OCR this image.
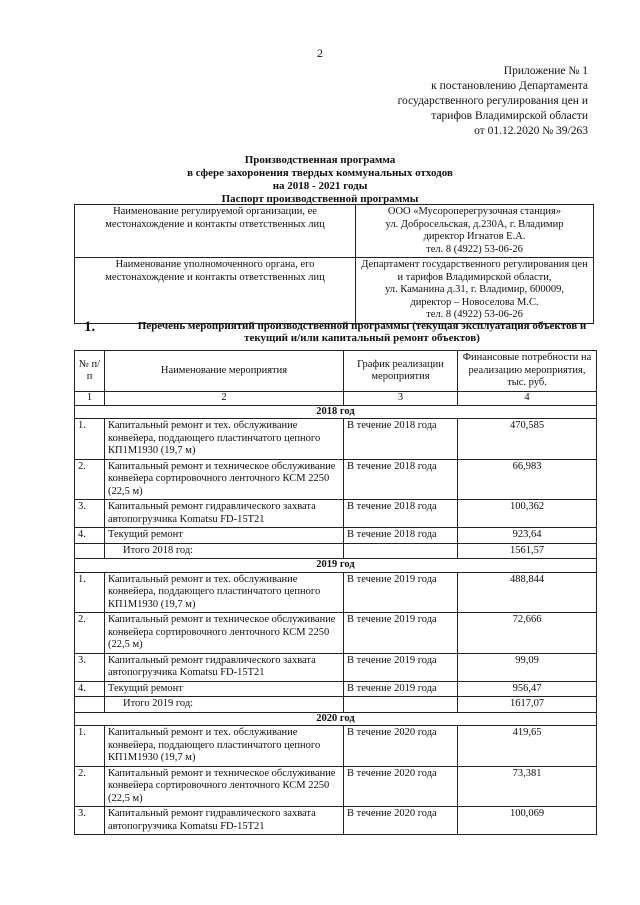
2
Приложение № 1
к постановлению Департамента
государственного регулирования цен и
тарифов Владимирской области
от 01.12.2020 № 39/263
Производственная программа
в сфере захоронения твердых коммунальных отходов
на 2018 - 2021 годы
Паспорт производственной программы
Наименование регулируемой организации, ее местонахождение и контакты ответственных лиц	ООО «Мусороперегрузочная станция»
ул. Добросельская, д.230А, г. Владимир
директор Игнатов Е.А.
тел. 8 (4922) 53-06-26

Наименование уполномоченного органа, его местонахождение и контакты ответственных лиц	Департамент государственного регулирования цен и тарифов Владимирской области,
ул. Каманина д.31, г. Владимир, 600009,
директор – Новоселова М.С.
тел. 8 (4922) 53-06-26
1.	Перечень мероприятий производственной программы (текущая эксплуатация объектов и текущий и/или капитальный ремонт объектов)
№ п/п	Наименование мероприятия	График реализации мероприятия	Финансовые потребности на реализацию мероприятия, тыс. руб.
1	2	3	4
2018 год			
1.	Капитальный ремонт и тех. обслуживание конвейера, поддающего пластинчатого цепного КП1М1930 (19,7 м)	В течение 2018 года	470,585
2.	Капитальный ремонт и техническое обслуживание конвейера сортировочного ленточного КСМ 2250 (22,5 м)	В течение 2018 года	66,983
3.	Капитальный ремонт гидравлического захвата автопогрузчика Komatsu FD-15T21	В течение 2018 года	100,362
4.	Текущий ремонт	В течение 2018 года	923,64
	Итого 2018 год:		1561,57
2019 год			
1.	Капитальный ремонт и тех. обслуживание конвейера, поддающего пластинчатого цепного КП1М1930 (19,7 м)	В течение 2019 года	488,844
2.	Капитальный ремонт и техническое обслуживание конвейера сортировочного ленточного КСМ 2250 (22,5 м)	В течение 2019 года	72,666
3.	Капитальный ремонт гидравлического захвата автопогрузчика Komatsu FD-15T21	В течение 2019 года	99,09
4.	Текущий ремонт	В течение 2019 года	956,47
	Итого 2019 год:		1617,07
2020 год			
1.	Капитальный ремонт и тех. обслуживание конвейера, поддающего пластинчатого цепного КП1М1930 (19,7 м)	В течение 2020 года	419,65
2.	Капитальный ремонт и техническое обслуживание конвейера сортировочного ленточного КСМ 2250 (22,5 м)	В течение 2020 года	73,381
3.	Капитальный ремонт гидравлического захвата автопогрузчика Komatsu FD-15T21	В течение 2020 года	100,069
